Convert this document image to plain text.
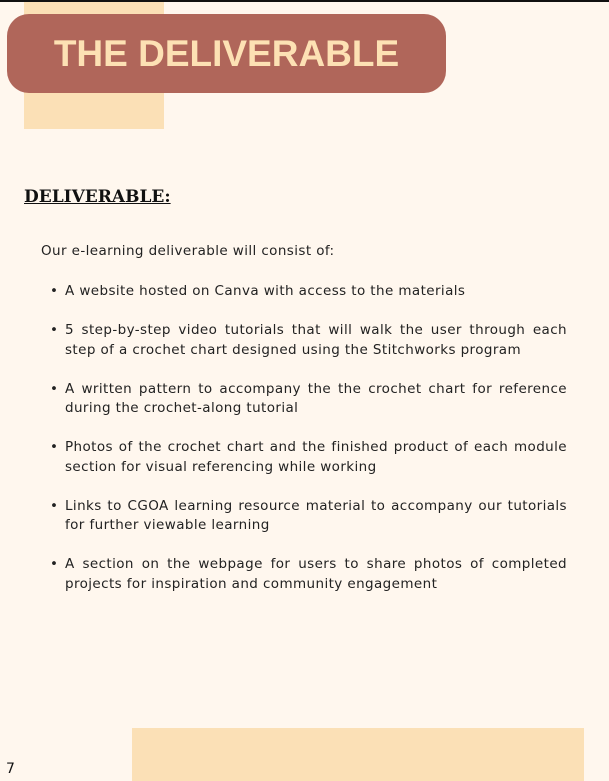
THE DELIVERABLE
DELIVERABLE:
Our e-learning deliverable will consist of:
• A website hosted on Canva with access to the materials
• 5 step-by-step video tutorials that will walk the user through each step of a crochet chart designed using the Stitchworks program
• A written pattern to accompany the the crochet chart for reference during the crochet-along tutorial
• Photos of the crochet chart and the finished product of each module section for visual referencing while working
• Links to CGOA learning resource material to accompany our tutorials for further viewable learning
• A section on the webpage for users to share photos of completed projects for inspiration and community engagement
7
